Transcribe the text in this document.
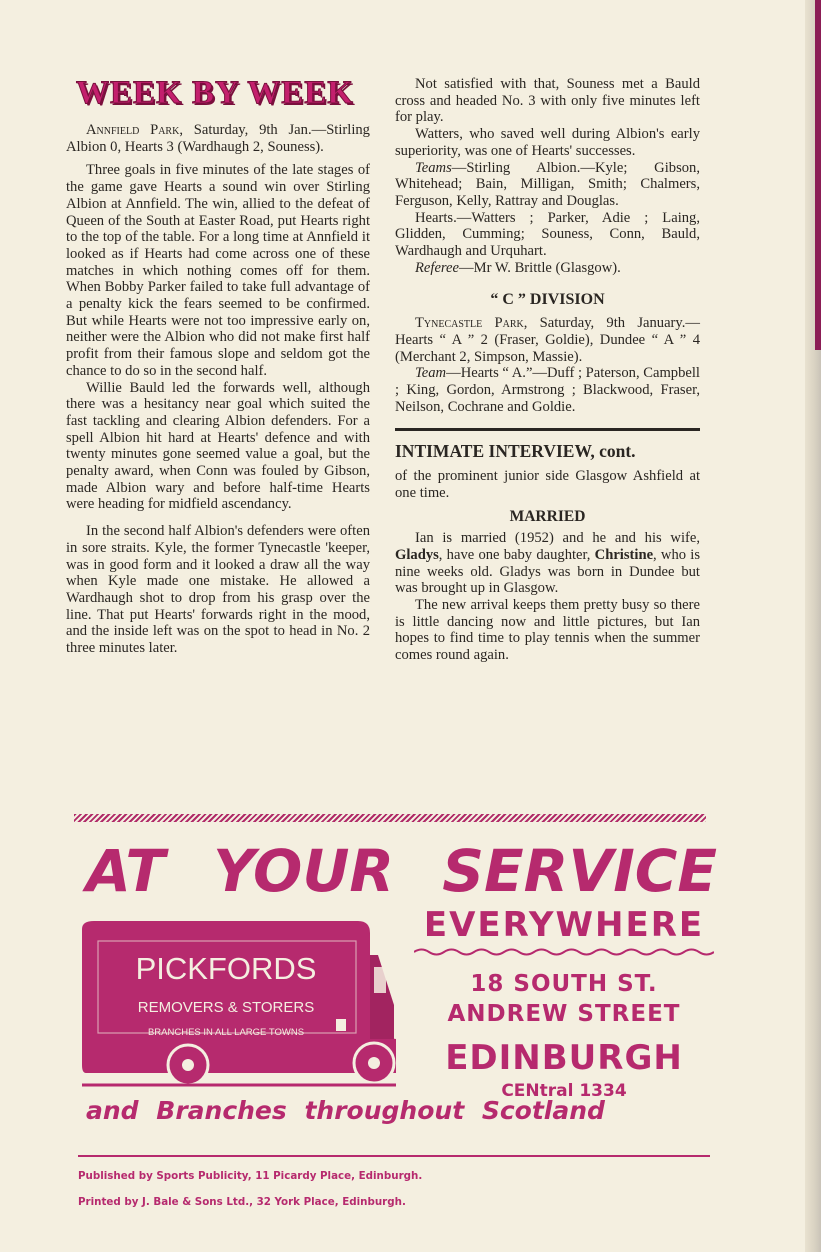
WEEK BY WEEK

Annfield Park, Saturday, 9th Jan.—Stirling Albion 0, Hearts 3 (Wardhaugh 2, Souness).

Three goals in five minutes of the late stages of the game gave Hearts a sound win over Stirling Albion at Annfield. The win, allied to the defeat of Queen of the South at Easter Road, put Hearts right to the top of the table. For a long time at Annfield it looked as if Hearts had come across one of these matches in which nothing comes off for them. When Bobby Parker failed to take full advantage of a penalty kick the fears seemed to be confirmed. But while Hearts were not too impressive early on, neither were the Albion who did not make first half profit from their famous slope and seldom got the chance to do so in the second half.

Willie Bauld led the forwards well, although there was a hesitancy near goal which suited the fast tackling and clearing Albion defenders. For a spell Albion hit hard at Hearts' defence and with twenty minutes gone seemed value a goal, but the penalty award, when Conn was fouled by Gibson, made Albion wary and before half-time Hearts were heading for midfield ascendancy.

In the second half Albion's defenders were often in sore straits. Kyle, the former Tynecastle 'keeper, was in good form and it looked a draw all the way when Kyle made one mistake. He allowed a Wardhaugh shot to drop from his grasp over the line. That put Hearts' forwards right in the mood, and the inside left was on the spot to head in No. 2 three minutes later.

Not satisfied with that, Souness met a Bauld cross and headed No. 3 with only five minutes left for play.

Watters, who saved well during Albion's early superiority, was one of Hearts' successes.

Teams—Stirling Albion.—Kyle; Gibson, Whitehead; Bain, Milligan, Smith; Chalmers, Ferguson, Kelly, Rattray and Douglas.

Hearts.—Watters ; Parker, Adie ; Laing, Glidden, Cumming; Souness, Conn, Bauld, Wardhaugh and Urquhart.

Referee—Mr W. Brittle (Glasgow).

“ C ” DIVISION

Tynecastle Park, Saturday, 9th January.—Hearts “ A ” 2 (Fraser, Goldie), Dundee “ A ” 4 (Merchant 2, Simpson, Massie).

Team—Hearts “ A.”—Duff ; Paterson, Campbell ; King, Gordon, Armstrong ; Blackwood, Fraser, Neilson, Cochrane and Goldie.

INTIMATE INTERVIEW, cont.

of the prominent junior side Glasgow Ashfield at one time.

MARRIED

Ian is married (1952) and he and his wife, Gladys, have one baby daughter, Christine, who is nine weeks old. Gladys was born in Dundee but was brought up in Glasgow.

The new arrival keeps them pretty busy so there is little dancing now and little pictures, but Ian hopes to find time to play tennis when the summer comes round again.

AT YOUR SERVICE
PICKFORDS
REMOVERS & STORERS
BRANCHES IN ALL LARGE TOWNS
EVERYWHERE
18 SOUTH ST.
ANDREW STREET
EDINBURGH
CENtral 1334
and Branches throughout Scotland
Published by Sports Publicity, 11 Picardy Place, Edinburgh.
Printed by J. Bale & Sons Ltd., 32 York Place, Edinburgh.
